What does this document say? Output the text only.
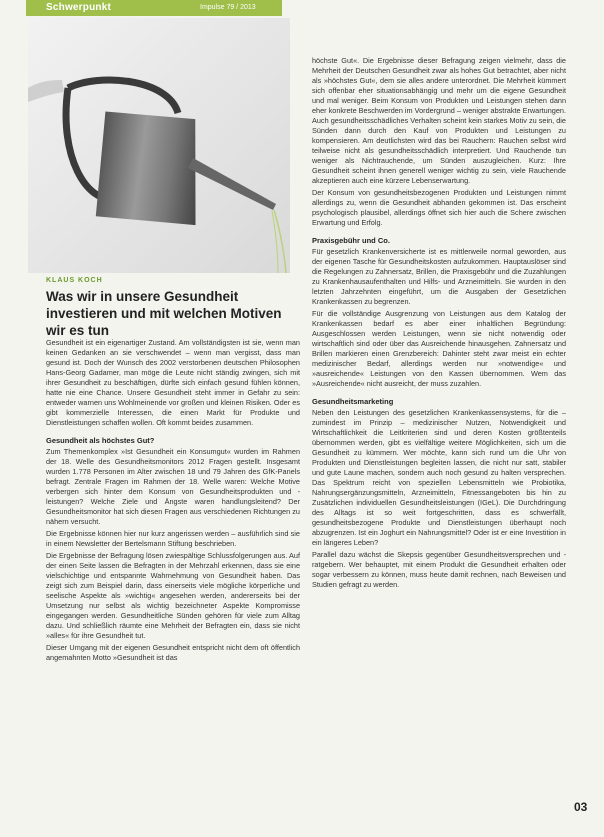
Schwerpunkt	Impulse 79 / 2013
KLAUS KOCH
Was wir in unsere Gesundheit investieren und mit welchen Motiven wir es tun

Gesundheit ist ein eigenartiger Zustand. Am vollständigsten ist sie, wenn man keinen Gedanken an sie verschwendet – wenn man vergisst, dass man gesund ist. Doch der Wunsch des 2002 verstorbenen deutschen Philosophen Hans-Georg Gadamer, man möge die Leute nicht ständig zwingen, sich mit ihrer Gesundheit zu beschäftigen, dürfte sich einfach gesund fühlen können, hatte nie eine Chance. Unsere Gesundheit steht immer in Gefahr zu sein: entweder warnen uns Wohlmeinende vor großen und kleinen Risiken. Oder es gibt kommerzielle Interessen, die einen Markt für Produkte und Dienstleistungen schaffen wollen. Oft kommt beides zusammen.

Gesundheit als höchstes Gut?

Zum Themenkomplex »Ist Gesundheit ein Konsumgut« wurden im Rahmen der 18. Welle des Gesundheitsmonitors 2012 Fragen gestellt. Insgesamt wurden 1.778 Personen im Alter zwischen 18 und 79 Jahren des GfK-Panels befragt. Zentrale Fragen im Rahmen der 18. Welle waren: Welche Motive verbergen sich hinter dem Konsum von Gesundheitsprodukten und -leistungen? Welche Ziele und Ängste waren handlungsleitend? Der Gesundheitsmonitor hat sich diesen Fragen aus verschiedenen Richtungen zu nähern versucht.

Die Ergebnisse können hier nur kurz angerissen werden – ausführlich sind sie in einem Newsletter der Bertelsmann Stiftung beschrieben.

Die Ergebnisse der Befragung lösen zwiespältige Schlussfolgerungen aus. Auf der einen Seite lassen die Befragten in der Mehrzahl erkennen, dass sie eine vielschichtige und entspannte Wahrnehmung von Gesundheit haben. Das zeigt sich zum Beispiel darin, dass einerseits viele mögliche körperliche und seelische Aspekte als »wichtig« angesehen werden, andererseits bei der Umsetzung nur selbst als wichtig bezeichneter Aspekte Kompromisse eingegangen werden. Gesundheitliche Sünden gehören für viele zum Alltag dazu. Und schließlich räumte eine Mehrheit der Befragten ein, dass sie nicht »alles« für ihre Gesundheit tut.

Dieser Umgang mit der eigenen Gesundheit entspricht nicht dem oft öffentlich angemahnten Motto »Gesundheit ist das

höchste Gut«. Die Ergebnisse dieser Befragung zeigen vielmehr, dass die Mehrheit der Deutschen Gesundheit zwar als hohes Gut betrachtet, aber nicht als »höchstes Gut«, dem sie alles andere unterordnet. Die Mehrheit kümmert sich offenbar eher situationsabhängig und mehr um die eigene Gesundheit und mal weniger. Beim Konsum von Produkten und Leistungen stehen dann eher konkrete Beschwerden im Vordergrund – weniger abstrakte Erwartungen. Auch gesundheitsschädliches Verhalten scheint kein starkes Motiv zu sein, die Sünden dann durch den Kauf von Produkten und Leistungen zu kompensieren. Am deutlichsten wird das bei Rauchern: Rauchen selbst wird teilweise nicht als gesundheitsschädlich interpretiert. Und Rauchende tun weniger als Nichtrauchende, um Sünden auszugleichen. Kurz: Ihre Gesundheit scheint ihnen generell weniger wichtig zu sein, viele Rauchende akzeptieren auch eine kürzere Lebenserwartung.

Der Konsum von gesundheitsbezogenen Produkten und Leistungen nimmt allerdings zu, wenn die Gesundheit abhanden gekommen ist. Das erscheint psychologisch plausibel, allerdings öffnet sich hier auch die Schere zwischen Erwartung und Erfolg.

Praxisgebühr und Co.

Für gesetzlich Krankenversicherte ist es mittlerweile normal geworden, aus der eigenen Tasche für Gesundheitskosten aufzukommen. Hauptauslöser sind die Regelungen zu Zahnersatz, Brillen, die Praxisgebühr und die Zuzahlungen zu Krankenhausaufenthalten und Hilfs- und Arzneimitteln. Sie wurden in den letzten Jahrzehnten eingeführt, um die Ausgaben der Gesetzlichen Krankenkassen zu begrenzen.

Für die vollständige Ausgrenzung von Leistungen aus dem Katalog der Krankenkassen bedarf es aber einer inhaltlichen Begründung: Ausgeschlossen werden Leistungen, wenn sie nicht notwendig oder wirtschaftlich sind oder über das Ausreichende hinausgehen. Zahnersatz und Brillen markieren einen Grenzbereich: Dahinter steht zwar meist ein echter medizinischer Bedarf, allerdings werden nur »notwendige« und »ausreichende« Leistungen von den Kassen übernommen. Wem das »Ausreichende« nicht ausreicht, der muss zuzahlen.

Gesundheitsmarketing

Neben den Leistungen des gesetzlichen Krankenkassensystems, für die – zumindest im Prinzip – medizinischer Nutzen, Notwendigkeit und Wirtschaftlichkeit die Leitkriterien sind und deren Kosten größtenteils übernommen werden, gibt es vielfältige weitere Möglichkeiten, sich um die Gesundheit zu kümmern. Wer möchte, kann sich rund um die Uhr von Produkten und Dienstleistungen begleiten lassen, die nicht nur satt, stabiler und gute Laune machen, sondern auch noch gesund zu halten versprechen. Das Spektrum reicht von speziellen Lebensmitteln wie Probiotika, Nahrungsergänzungsmitteln, Arzneimitteln, Fitnessangeboten bis hin zu Zusätzlichen individuellen Gesundheitsleistungen (IGeL). Die Durchdringung des Alltags ist so weit fortgeschritten, dass es schwerfällt, gesundheitsbezogene Produkte und Dienstleistungen überhaupt noch abzugrenzen. Ist ein Joghurt ein Nahrungsmittel? Oder ist er eine Investition in ein längeres Leben?

Parallel dazu wächst die Skepsis gegenüber Gesundheitsversprechen und -ratgebern. Wer behauptet, mit einem Produkt die Gesundheit erhalten oder sogar verbessern zu können, muss heute damit rechnen, nach Beweisen und Studien gefragt zu werden.

03
